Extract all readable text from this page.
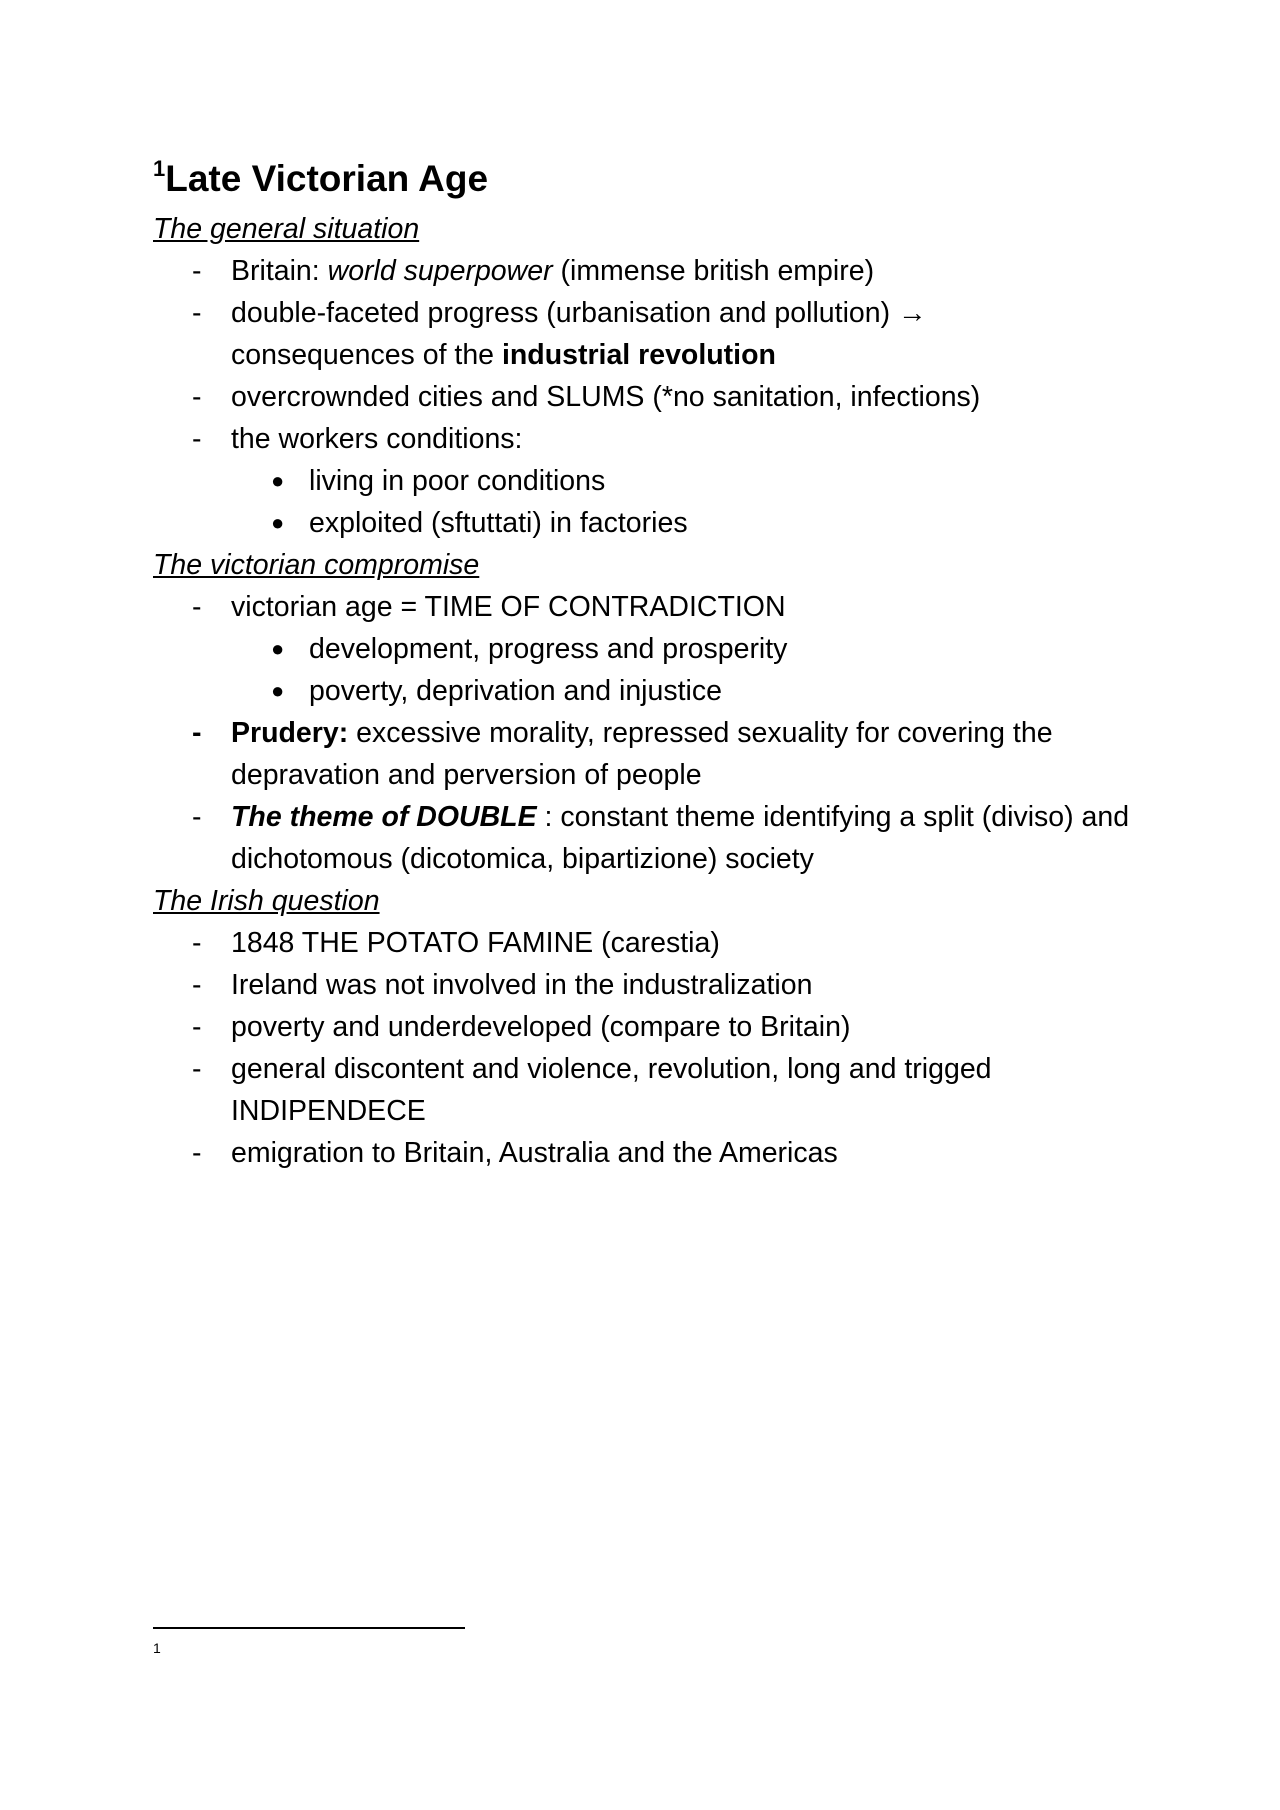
$^1$Late Victorian Age

The general situation

- Britain: world superpower (immense british empire)
- double-faceted progress (urbanisation and pollution) →
consequences of the industrial revolution
- overcrownded cities and SLUMS (*no sanitation, infections)
- the workers conditions:
● living in poor conditions
● exploited (sftuttati) in factories

The victorian compromise

- victorian age = TIME OF CONTRADICTION
● development, progress and prosperity
● poverty, deprivation and injustice
- Prudery: excessive morality, repressed sexuality for covering the depravation and perversion of people
- The theme of DOUBLE : constant theme identifying a split (diviso) and dichotomous (dicotomica, bipartizione) society

The Irish question

- 1848 THE POTATO FAMINE (carestia)
- Ireland was not involved in the industralization
- poverty and underdeveloped (compare to Britain)
- general discontent and violence, revolution, long and trigged INDIPENDECE
- emigration to Britain, Australia and the Americas
1
